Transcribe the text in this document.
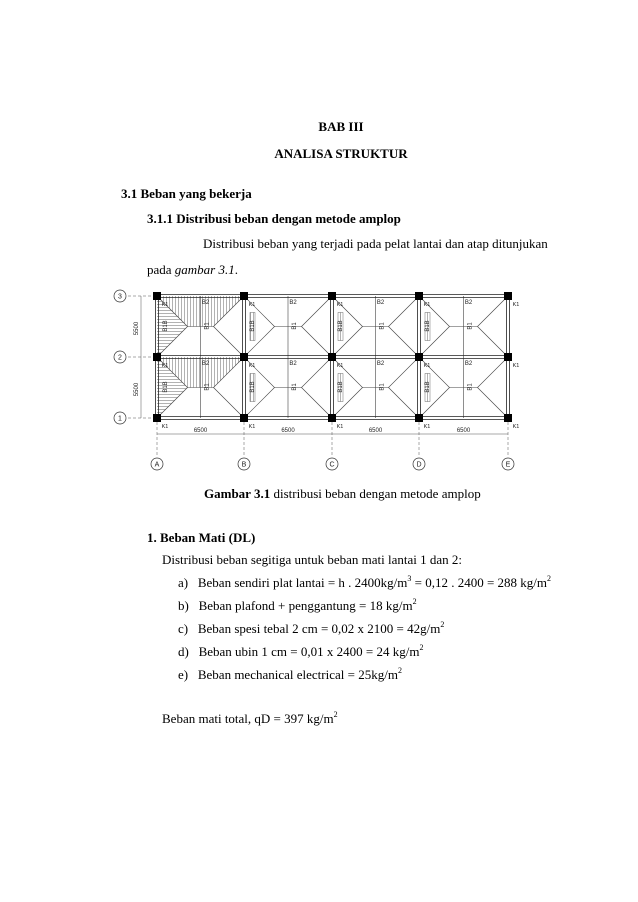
BAB III
ANALISA STRUKTUR
3.1 Beban yang bekerja
3.1.1 Distribusi beban dengan metode amplop
Distribusi beban yang terjadi pada pelat lantai dan atap ditunjukan
pada gambar 3.1.
B2
B1
B1B
B2
B1
B1B
B2
B1
B1B
B2
B1
B1B
B2
B1
B1B
B2
B1
B1B
B2
B1
B1B
B2
B1
B1B
K1
K1
K1
K1
K1
K1
K1
K1
K1
K1
K1
K1
K1
K1
K1
3
2
1
5500
5500
A
6500
B
6500
C
6500
D
6500
E
Gambar 3.1 distribusi beban dengan metode amplop
1. Beban Mati (DL)
Distribusi beban segitiga untuk beban mati lantai 1 dan 2:
a) Beban sendiri plat lantai = h . $2400kg/m^3 = 0,12$ . 2400 = 288 $kg/m^2$
b) Beban plafond + penggantung = 18 $kg/m^2$
c) Beban spesi tebal 2 cm = 0,02 x $2100 = 42g/m^2$
d) Beban ubin 1 cm = 0,01 x 2400 = 24 $kg/m^2$
e) Beban mechanical electrical = $25kg/m^2$
Beban mati total, qD = 397 $kg/m^2$
